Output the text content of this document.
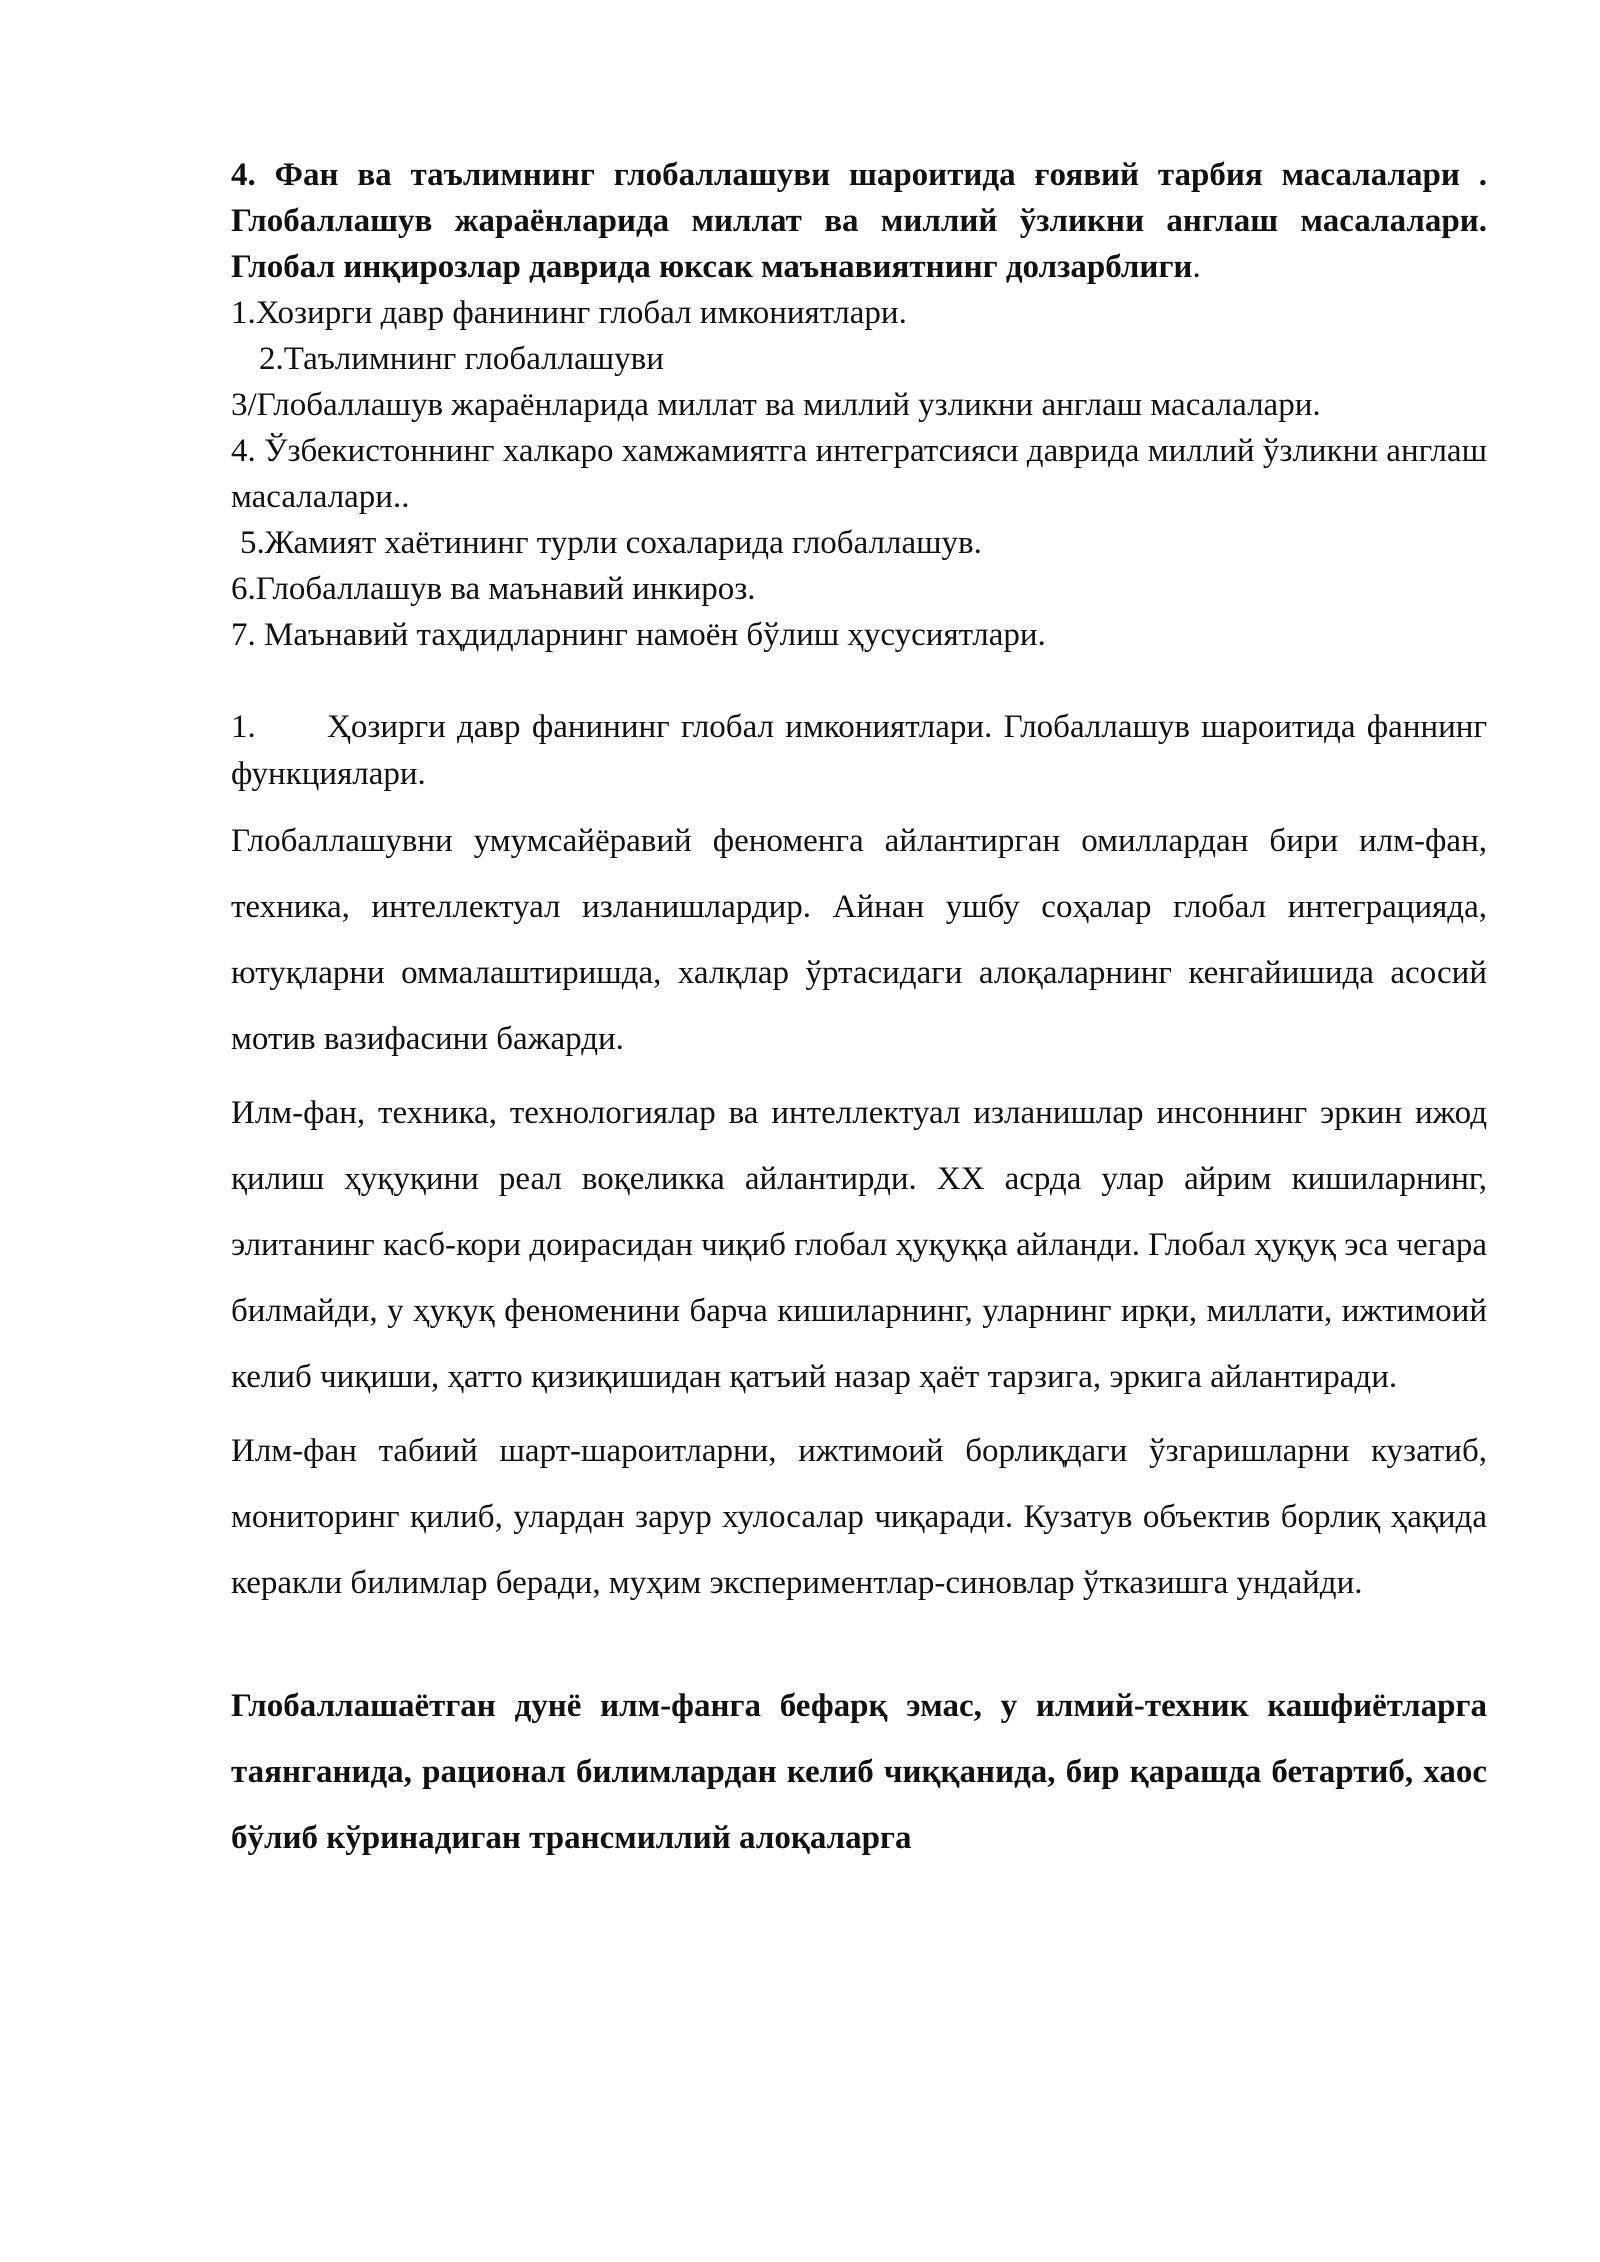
4. Фан ва таълимнинг глобаллашуви шароитида ғоявий тарбия масалалари . Глобаллашув жараёнларида миллат ва миллий ўзликни англаш масалалари. Глобал инқирозлар даврида юксак маънавиятнинг долзарблиги.

1.Хозирги давр фанининг глобал имкониятлари.
2.Таълимнинг глобаллашуви
3/Глобаллашув жараёнларида миллат ва миллий узликни англаш масалалари.
4. Ўзбекистоннинг халкаро хамжамиятга интегратсияси даврида миллий ўзликни англаш масалалари..
5.Жамият хаётининг турли сохаларида глобаллашув.
6.Глобаллашув ва маънавий инкироз.
7. Маънавий таҳдидларнинг намоён бўлиш ҳусусиятлари.

1. Ҳозирги давр фанининг глобал имкониятлари. Глобаллашув шароитида фаннинг функциялари.

Глобаллашувни умумсайёравий феноменга айлантирган омиллардан бири илм-фан, техника, интеллектуал изланишлардир. Айнан ушбу соҳалар глобал интеграцияда, ютуқларни оммалаштиришда, халқлар ўртасидаги алоқаларнинг кенгайишида асосий мотив вазифасини бажарди.

Илм-фан, техника, технологиялар ва интеллектуал изланишлар инсоннинг эркин ижод қилиш ҳуқуқини реал воқеликка айлантирди. XX асрда улар айрим кишиларнинг, элитанинг касб-кори доирасидан чиқиб глобал ҳуқуққа айланди. Глобал ҳуқуқ эса чегара билмайди, у ҳуқуқ феноменини барча кишиларнинг, уларнинг ирқи, миллати, ижтимоий келиб чиқиши, ҳатто қизиқишидан қатъий назар ҳаёт тарзига, эркига айлантиради.

Илм-фан табиий шарт-шароитларни, ижтимоий борлиқдаги ўзгаришларни кузатиб, мониторинг қилиб, улардан зарур хулосалар чиқаради. Кузатув объектив борлиқ ҳақида керакли билимлар беради, муҳим экспериментлар-синовлар ўтказишга ундайди.

Глобаллашаётган дунё илм-фанга бефарқ эмас, у илмий-техник кашфиётларга таянганида, рационал билимлардан келиб чиққанида, бир қарашда бетартиб, хаос бўлиб кўринадиган трансмиллий алоқаларга
